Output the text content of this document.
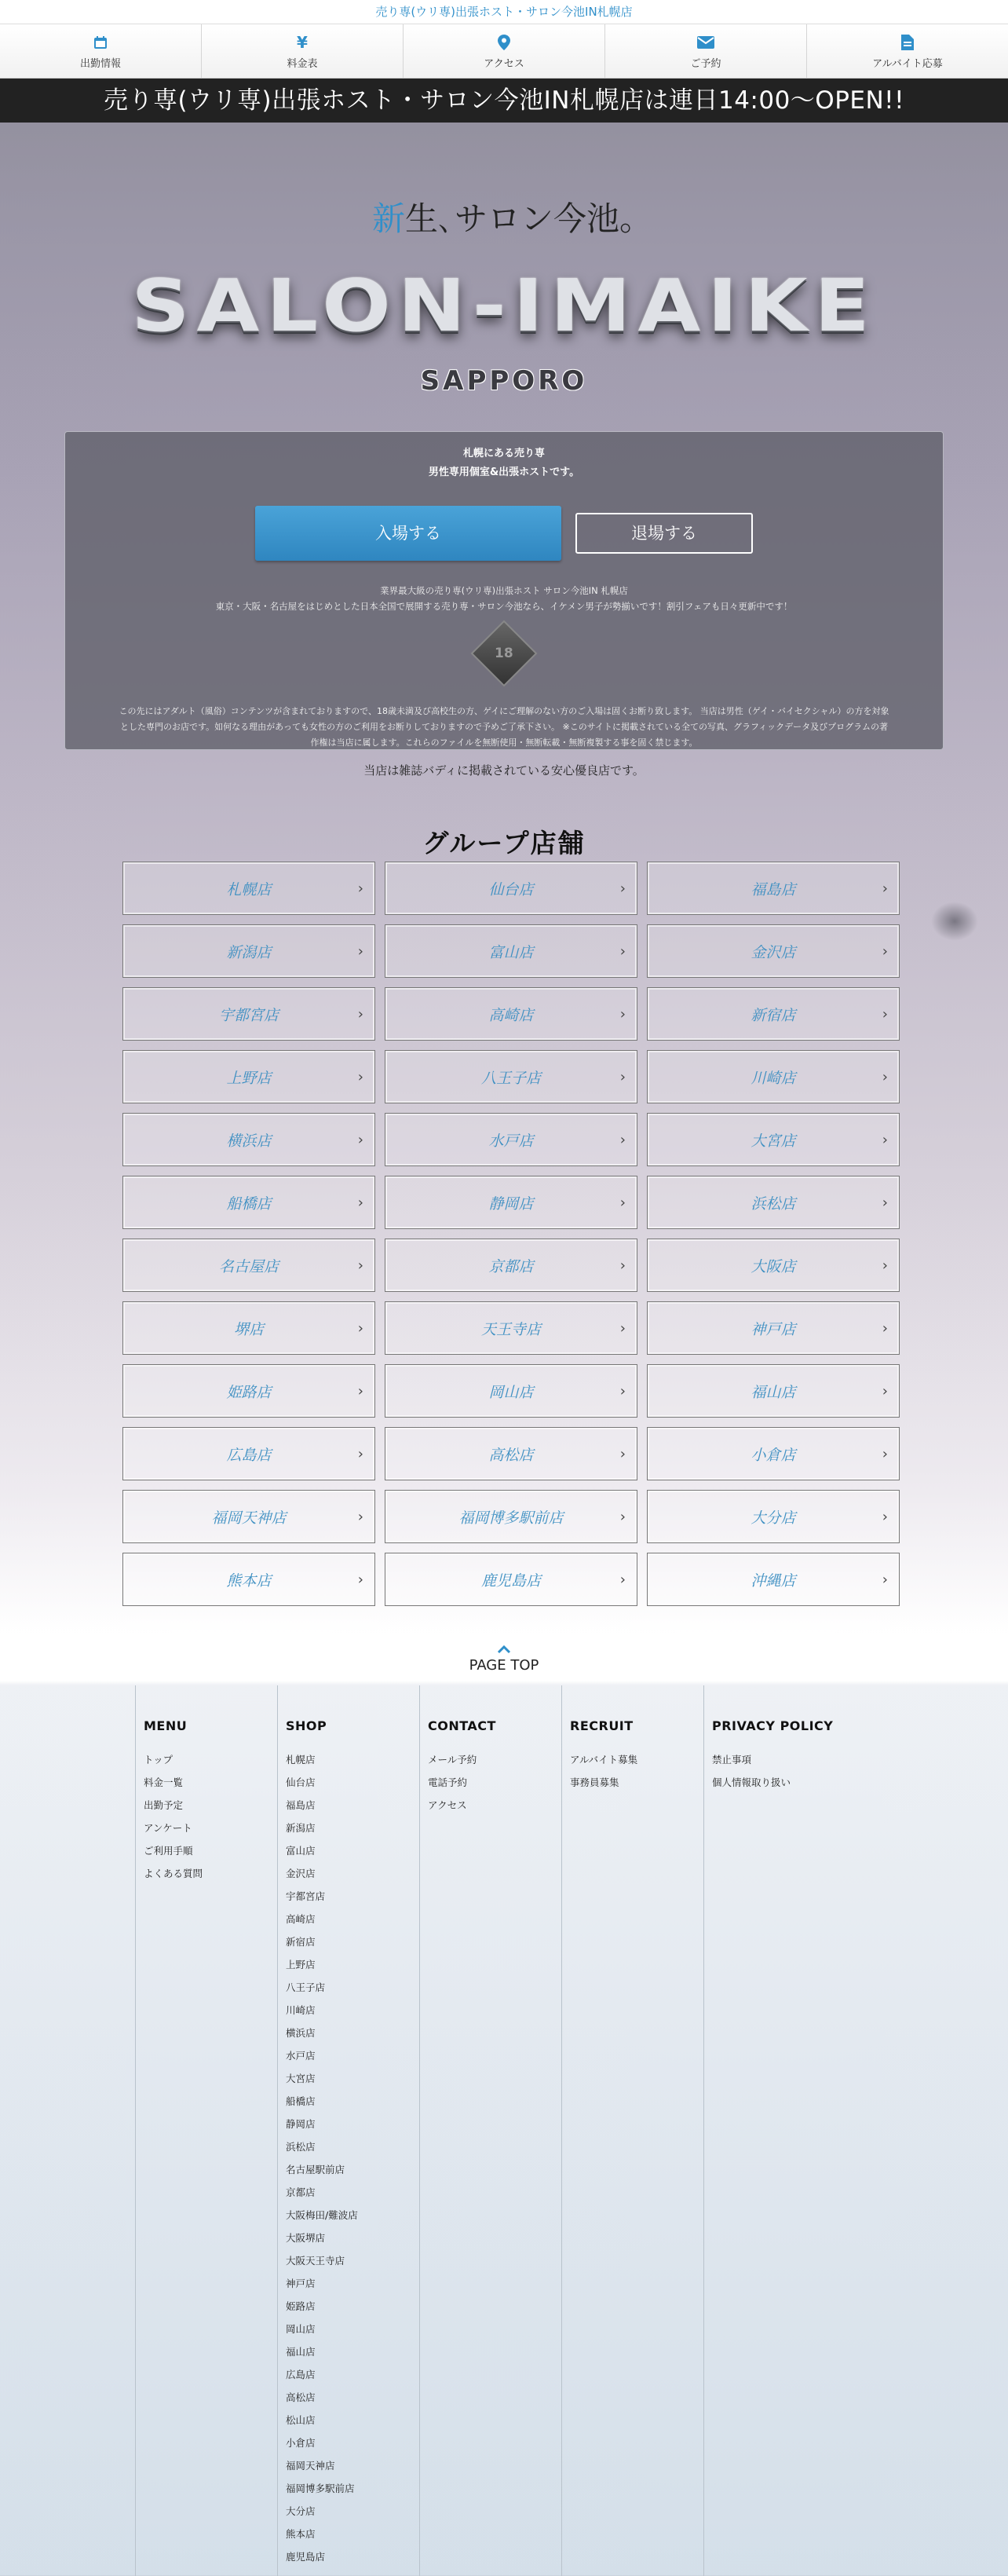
売り専(ウリ専)出張ホスト・サロン今池IN札幌店
出勤情報
¥
料金表	アクセス	ご予約	アルバイト応募
売り専(ウリ専)出張ホスト・サロン今池IN札幌店は連日14:00〜OPEN!!
新生､サロン今池｡
SALON-IMAIKE
SAPPORO
札幌にある売り専
男性専用個室&出張ホストです。
入場する	退場する
業界最大級の売り専(ウリ専)出張ホスト サロン今池IN 札幌店
東京・大阪・名古屋をはじめとした日本全国で展開する売り専・サロン今池なら、イケメン男子が勢揃いです！割引フェアも日々更新中です！
18
この先にはアダルト（風俗）コンテンツが含まれておりますので、18歳未満及び高校生の方、ゲイにご理解のない方のご入場は固くお断り致します。 当店は男性（ゲイ・バイセクシャル）の方を対象
とした専門のお店です。如何なる理由があっても女性の方のご利用をお断りしておりますので予めご了承下さい。 ※このサイトに掲載されている全ての写真、グラフィックデータ及びプログラムの著
作権は当店に属します。これらのファイルを無断使用・無断転載・無断複製する事を固く禁じます。
当店は雑誌バディに掲載されている安心優良店です。
グループ店舗
札幌店	›	仙台店	›	福島店	›
新潟店	›	富山店	›	金沢店	›
宇都宮店	›	高崎店	›	新宿店	›
上野店	›	八王子店	›	川崎店	›
横浜店	›	水戸店	›	大宮店	›
船橋店	›	静岡店	›	浜松店	›
名古屋店	›	京都店	›	大阪店	›
堺店	›	天王寺店	›	神戸店	›
姫路店	›	岡山店	›	福山店	›
広島店	›	高松店	›	小倉店	›
福岡天神店	›	福岡博多駅前店	›	大分店	›
熊本店	›	鹿児島店	›	沖縄店	›
PAGE TOP
MENU
トップ
料金一覧
出勤予定
アンケート
ご利用手順
よくある質問
SHOP
札幌店
仙台店
福島店
新潟店
富山店
金沢店
宇都宮店
高崎店
新宿店
上野店
八王子店
川崎店
横浜店
水戸店
大宮店
船橋店
静岡店
浜松店
名古屋駅前店
京都店
大阪梅田/難波店
大阪堺店
大阪天王寺店
神戸店
姫路店
岡山店
福山店
広島店
高松店
松山店
小倉店
福岡天神店
福岡博多駅前店
大分店
熊本店
鹿児島店
CONTACT
メール予約
電話予約
アクセス
RECRUIT
アルバイト募集
事務員募集
PRIVACY POLICY
禁止事項
個人情報取り扱い
